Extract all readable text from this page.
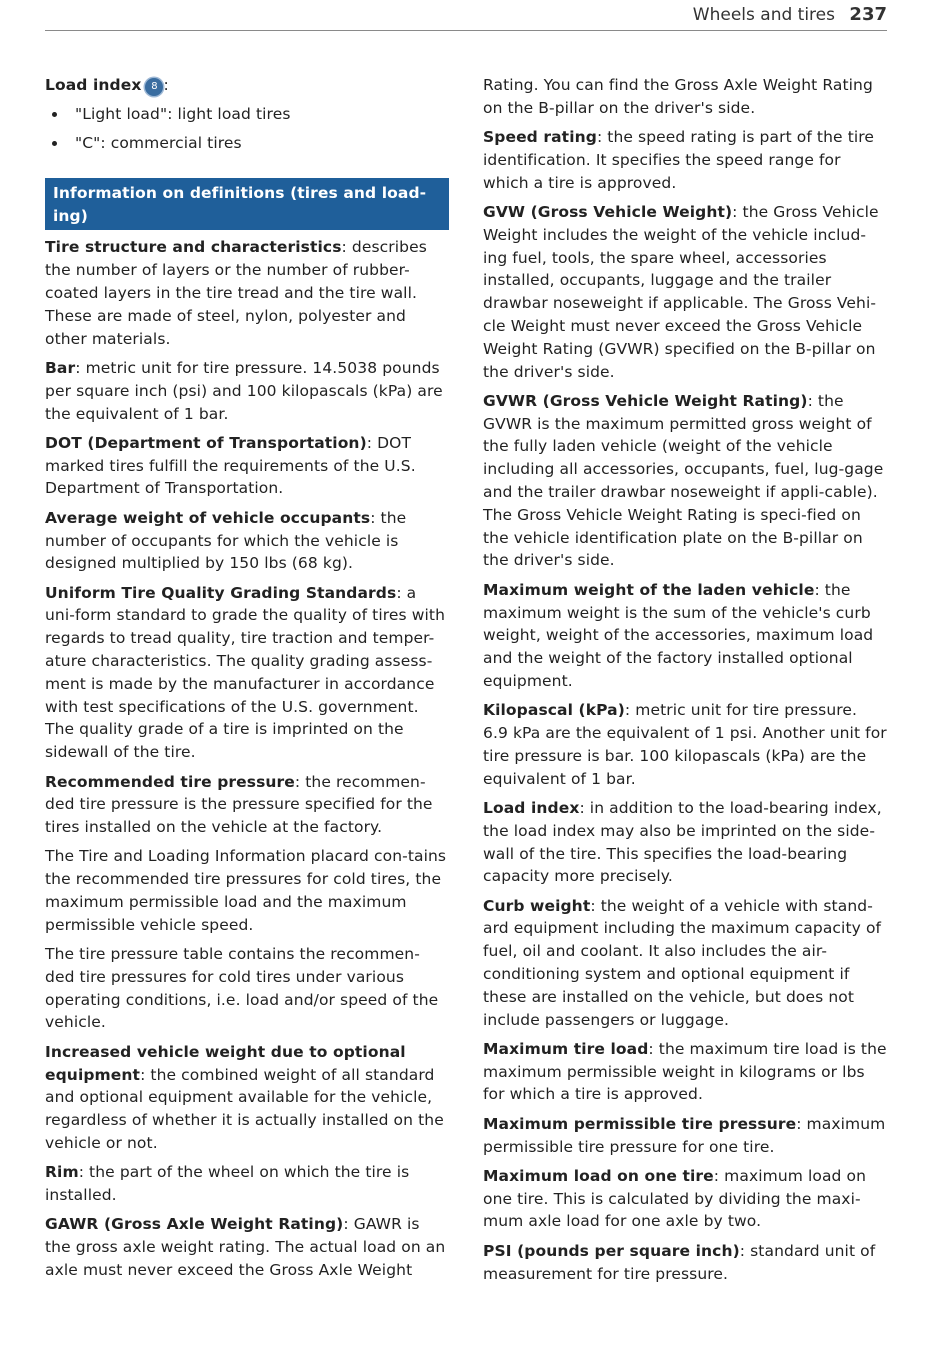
Wheels and tires 237

Load index 8 :

"Light load": light load tires
"C": commercial tires
Information on definitions (tires and load-ing)

Tire structure and characteristics: describes the number of layers or the number of rubber-coated layers in the tire tread and the tire wall. These are made of steel, nylon, polyester and other materials.

Bar: metric unit for tire pressure. 14.5038 pounds per square inch (psi) and 100 kilopascals (kPa) are the equivalent of 1 bar.

DOT (Department of Transportation): DOT marked tires fulfill the requirements of the U.S. Department of Transportation.

Average weight of vehicle occupants: the number of occupants for which the vehicle is designed multiplied by 150 lbs (68 kg).

Uniform Tire Quality Grading Standards: a uni-form standard to grade the quality of tires with regards to tread quality, tire traction and temper-ature characteristics. The quality grading assess-ment is made by the manufacturer in accordance with test specifications of the U.S. government. The quality grade of a tire is imprinted on the sidewall of the tire.

Recommended tire pressure: the recommen-ded tire pressure is the pressure specified for the tires installed on the vehicle at the factory.

The Tire and Loading Information placard con-tains the recommended tire pressures for cold tires, the maximum permissible load and the maximum permissible vehicle speed.

The tire pressure table contains the recommen-ded tire pressures for cold tires under various operating conditions, i.e. load and/or speed of the vehicle.

Increased vehicle weight due to optional equipment: the combined weight of all standard and optional equipment available for the vehicle, regardless of whether it is actually installed on the vehicle or not.

Rim: the part of the wheel on which the tire is installed.

GAWR (Gross Axle Weight Rating): GAWR is the gross axle weight rating. The actual load on an axle must never exceed the Gross Axle Weight

Rating. You can find the Gross Axle Weight Rating on the B-pillar on the driver's side.

Speed rating: the speed rating is part of the tire identification. It specifies the speed range for which a tire is approved.

GVW (Gross Vehicle Weight): the Gross Vehicle Weight includes the weight of the vehicle includ-ing fuel, tools, the spare wheel, accessories installed, occupants, luggage and the trailer drawbar noseweight if applicable. The Gross Vehi-cle Weight must never exceed the Gross Vehicle Weight Rating (GVWR) specified on the B-pillar on the driver's side.

GVWR (Gross Vehicle Weight Rating): the GVWR is the maximum permitted gross weight of the fully laden vehicle (weight of the vehicle including all accessories, occupants, fuel, lug-gage and the trailer drawbar noseweight if appli-cable). The Gross Vehicle Weight Rating is speci-fied on the vehicle identification plate on the B-pillar on the driver's side.

Maximum weight of the laden vehicle: the maximum weight is the sum of the vehicle's curb weight, weight of the accessories, maximum load and the weight of the factory installed optional equipment.

Kilopascal (kPa): metric unit for tire pressure. 6.9 kPa are the equivalent of 1 psi. Another unit for tire pressure is bar. 100 kilopascals (kPa) are the equivalent of 1 bar.

Load index: in addition to the load-bearing index, the load index may also be imprinted on the side-wall of the tire. This specifies the load-bearing capacity more precisely.

Curb weight: the weight of a vehicle with stand-ard equipment including the maximum capacity of fuel, oil and coolant. It also includes the air-conditioning system and optional equipment if these are installed on the vehicle, but does not include passengers or luggage.

Maximum tire load: the maximum tire load is the maximum permissible weight in kilograms or lbs for which a tire is approved.

Maximum permissible tire pressure: maximum permissible tire pressure for one tire.

Maximum load on one tire: maximum load on one tire. This is calculated by dividing the maxi-mum axle load for one axle by two.

PSI (pounds per square inch): standard unit of measurement for tire pressure.
